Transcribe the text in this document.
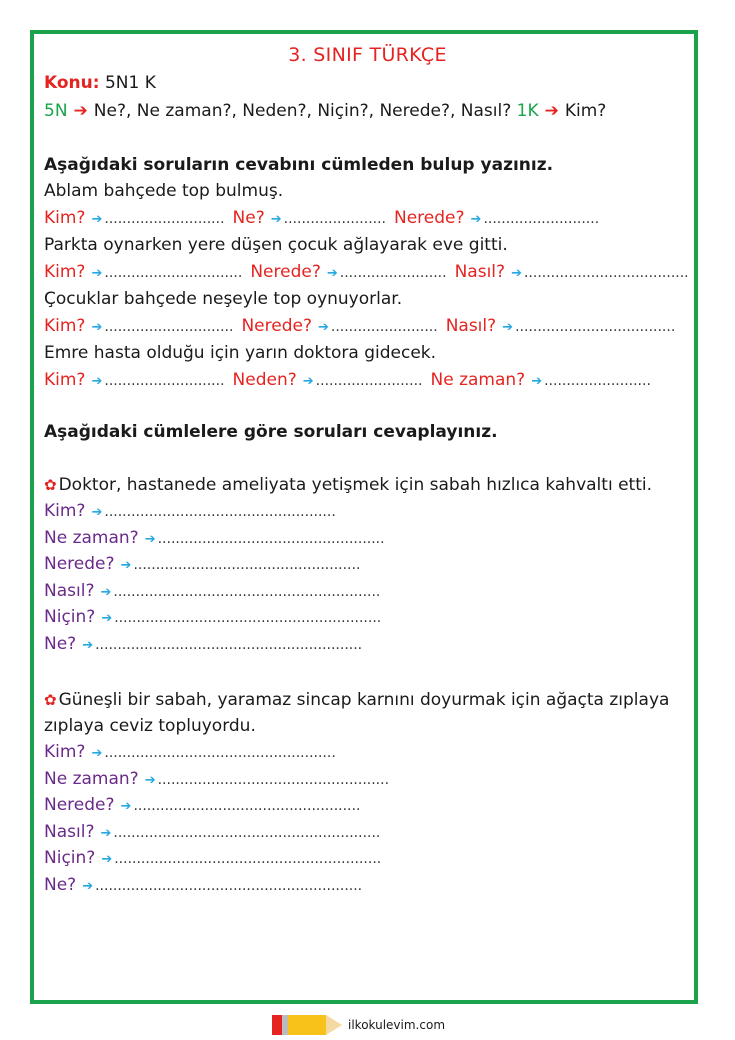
3. SINIF TÜRKÇE
Konu: 5N1 K
5N ➔ Ne?, Ne zaman?, Neden?, Niçin?, Nerede?, Nasıl? 1K ➔ Kim?
Aşağıdaki soruların cevabını cümleden bulup yazınız.
Ablam bahçede top bulmuş.
Kim? ➔ ........................... Ne? ➔ ....................... Nerede? ➔ ..........................
Parkta oynarken yere düşen çocuk ağlayarak eve gitti.
Kim? ➔ ............................... Nerede? ➔ ........................ Nasıl? ➔ .....................................
Çocuklar bahçede neşeyle top oynuyorlar.
Kim? ➔ ............................. Nerede? ➔ ........................ Nasıl? ➔ ....................................
Emre hasta olduğu için yarın doktora gidecek.
Kim? ➔ ........................... Neden? ➔ ........................ Ne zaman? ➔ ........................
Aşağıdaki cümlelere göre soruları cevaplayınız.
✿ Doktor, hastanede ameliyata yetişmek için sabah hızlıca kahvaltı etti.
Kim? ➔ ....................................................
Ne zaman? ➔ ...................................................
Nerede? ➔ ...................................................
Nasıl? ➔ ............................................................
Niçin? ➔ ............................................................
Ne? ➔ ............................................................
✿ Güneşli bir sabah, yaramaz sincap karnını doyurmak için ağaçta zıplaya
zıplaya ceviz topluyordu.
Kim? ➔ ....................................................
Ne zaman? ➔ ....................................................
Nerede? ➔ ...................................................
Nasıl? ➔ ............................................................
Niçin? ➔ ............................................................
Ne? ➔ ............................................................
ilkokulevim.com
